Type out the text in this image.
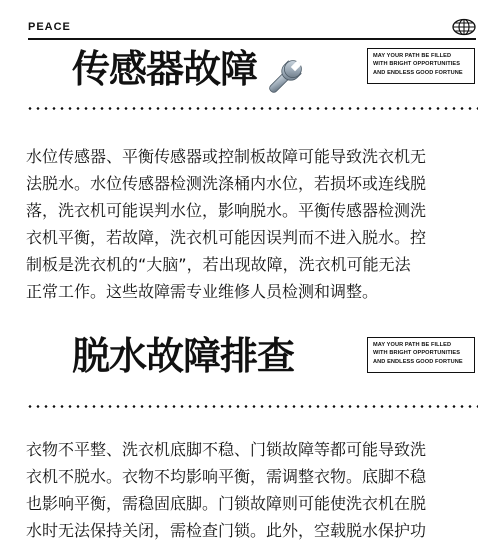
PEACE
传感器故障	MAY YOUR PATH BE FILLED
WITH BRIGHT OPPORTUNITIES
AND ENDLESS GOOD FORTUNE
水位传感器、平衡传感器或控制板故障可能导致洗衣机无
法脱水。水位传感器检测洗涤桶内水位，若损坏或连线脱
落，洗衣机可能误判水位，影响脱水。平衡传感器检测洗
衣机平衡，若故障，洗衣机可能因误判而不进入脱水。控
制板是洗衣机的“大脑”，若出现故障，洗衣机可能无法
正常工作。这些故障需专业维修人员检测和调整。
脱水故障排查	MAY YOUR PATH BE FILLED
WITH BRIGHT OPPORTUNITIES
AND ENDLESS GOOD FORTUNE
衣物不平整、洗衣机底脚不稳、门锁故障等都可能导致洗
衣机不脱水。衣物不均影响平衡，需调整衣物。底脚不稳
也影响平衡，需稳固底脚。门锁故障则可能使洗衣机在脱
水时无法保持关闭，需检查门锁。此外，空载脱水保护功
